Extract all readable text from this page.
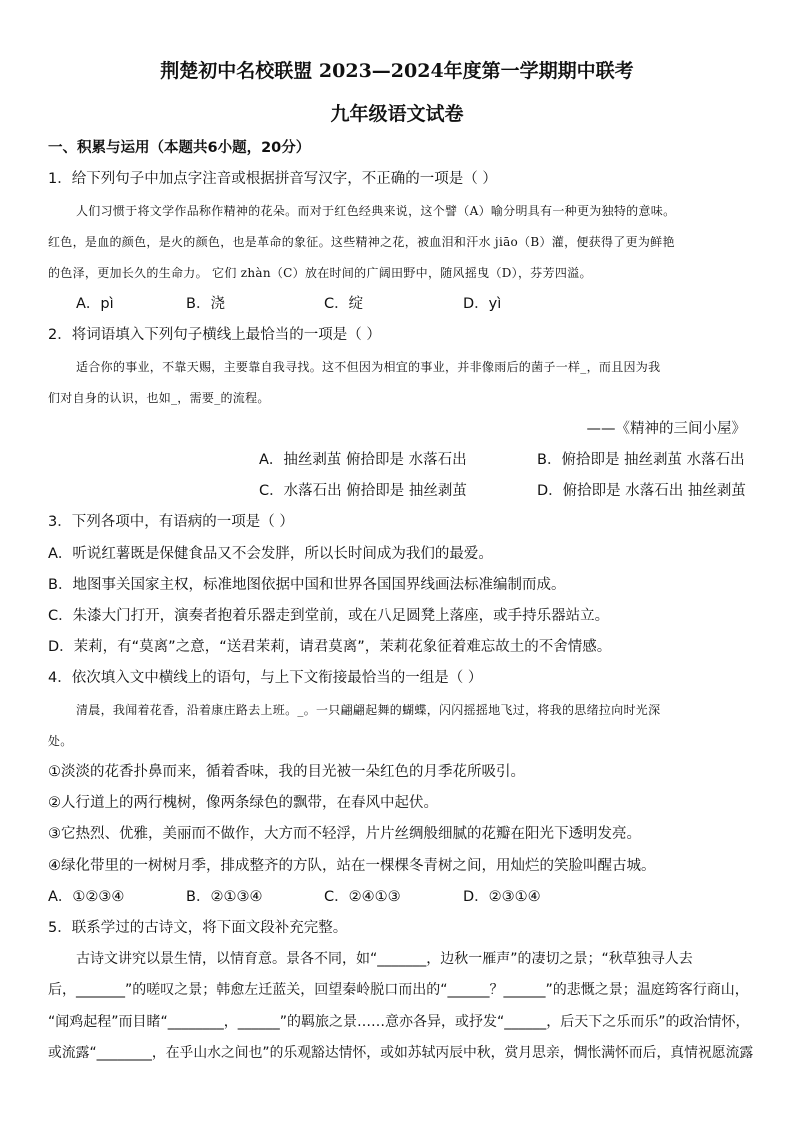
荆楚初中名校联盟 2023—2024年度第一学期期中联考
九年级语文试卷
一、积累与运用（本题共6小题，20分）
1．给下列句子中加点字注音或根据拼音写汉字，不正确的一项是（ ）
人们习惯于将文学作品称作精神的花朵。而对于红色经典来说，这个譬（A）喻分明具有一种更为独特的意味。
红色，是血的颜色，是火的颜色，也是革命的象征。这些精神之花，被血泪和汗水 jiāo（B）灌，便获得了更为鲜艳
的色泽，更加长久的生命力。 它们 zhàn（C）放在时间的广阔田野中，随风摇曳（D），芬芳四溢。
A．pì	B．浇	C．绽	D．yì
2．将词语填入下列句子横线上最恰当的一项是（ ）
适合你的事业，不靠天赐，主要靠自我寻找。这不但因为相宜的事业，并非像雨后的菌子一样_，而且因为我
们对自身的认识，也如_，需要_的流程。
——《精神的三间小屋》
A．抽丝剥茧 俯拾即是 水落石出	B．俯拾即是 抽丝剥茧 水落石出
C．水落石出 俯拾即是 抽丝剥茧	D．俯拾即是 水落石出 抽丝剥茧
3．下列各项中，有语病的一项是（ ）
A．听说红薯既是保健食品又不会发胖，所以长时间成为我们的最爱。
B．地图事关国家主权，标准地图依据中国和世界各国国界线画法标准编制而成。
C．朱漆大门打开，演奏者抱着乐器走到堂前，或在八足圆凳上落座，或手持乐器站立。
D．茉莉，有“莫离”之意，“送君茉莉，请君莫离”，茉莉花象征着难忘故土的不舍情感。
4．依次填入文中横线上的语句，与上下文衔接最恰当的一组是（ ）
清晨，我闻着花香，沿着康庄路去上班。_。一只翩翩起舞的蝴蝶，闪闪摇摇地飞过，将我的思绪拉向时光深
处。
①淡淡的花香扑鼻而来，循着香味，我的目光被一朵红色的月季花所吸引。
②人行道上的两行槐树，像两条绿色的飘带，在春风中起伏。
③它热烈、优雅，美丽而不做作，大方而不轻浮，片片丝绸般细腻的花瓣在阳光下透明发亮。
④绿化带里的一树树月季，排成整齐的方队，站在一棵棵冬青树之间，用灿烂的笑脸叫醒古城。
A．①②③④	B．②①③④	C．②④①③	D．②③①④
5．联系学过的古诗文，将下面文段补充完整。
古诗文讲究以景生情，以情育意。景各不同，如“_______，边秋一雁声”的凄切之景；“秋草独寻人去
后，_______”的嗟叹之景；韩愈左迁蓝关，回望秦岭脱口而出的“______？______”的悲慨之景；温庭筠客行商山，
“闻鸡起程”而目睹“________，______”的羁旅之景……意亦各异，或抒发“______，后天下之乐而乐”的政治情怀，
或流露“________，在乎山水之间也”的乐观豁达情怀，或如苏轼丙辰中秋，赏月思亲，惆怅满怀而后，真情祝愿流露
